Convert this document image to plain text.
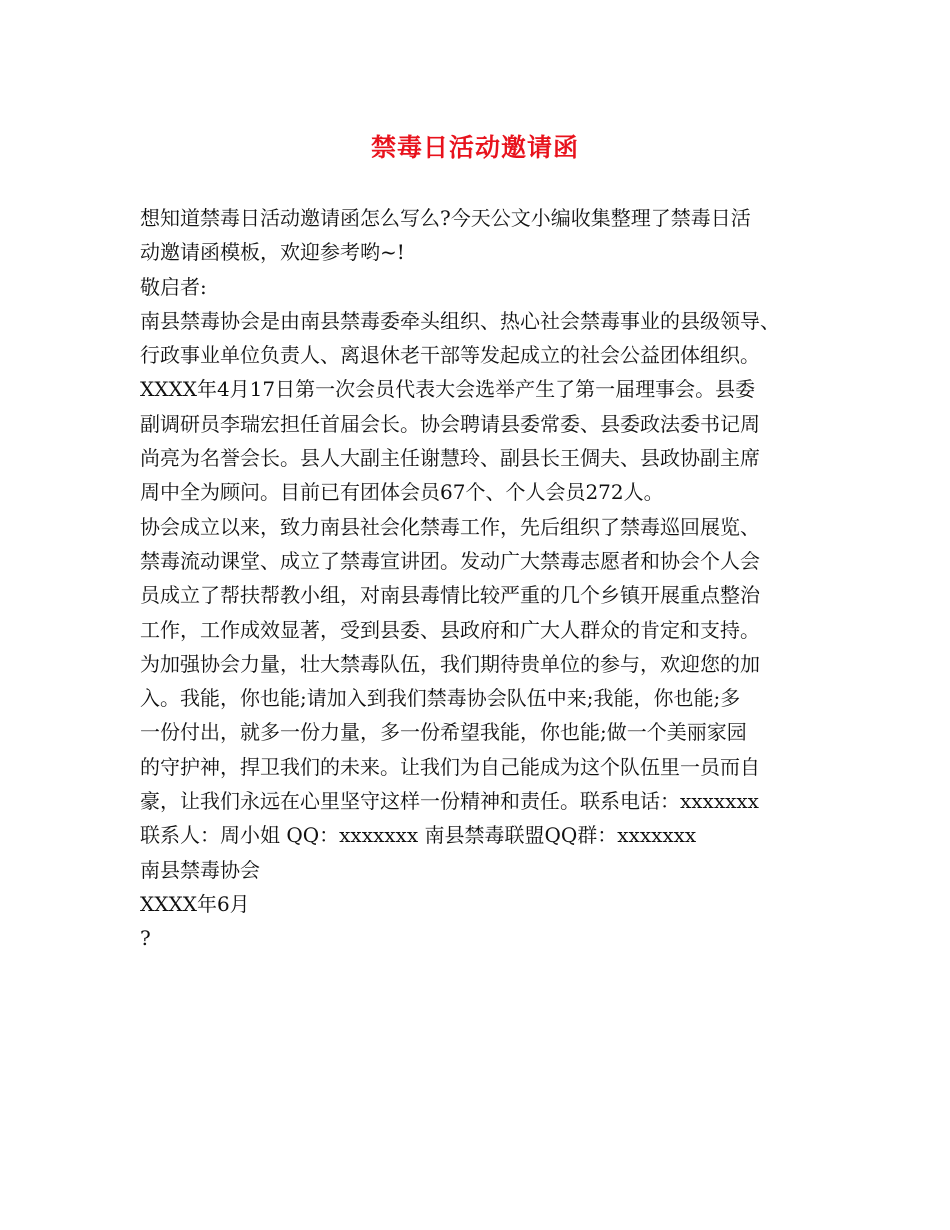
禁毒日活动邀请函
想知道禁毒日活动邀请函怎么写么?今天公文小编收集整理了禁毒日活
动邀请函模板，欢迎参考哟~!
敬启者:
南县禁毒协会是由南县禁毒委牵头组织、热心社会禁毒事业的县级领导、
行政事业单位负责人、离退休老干部等发起成立的社会公益团体组织。
XXXX年4月17日第一次会员代表大会选举产生了第一届理事会。县委
副调研员李瑞宏担任首届会长。协会聘请县委常委、县委政法委书记周
尚亮为名誉会长。县人大副主任谢慧玲、副县长王倜夫、县政协副主席
周中全为顾问。目前已有团体会员67个、个人会员272人。
协会成立以来，致力南县社会化禁毒工作，先后组织了禁毒巡回展览、
禁毒流动课堂、成立了禁毒宣讲团。发动广大禁毒志愿者和协会个人会
员成立了帮扶帮教小组，对南县毒情比较严重的几个乡镇开展重点整治
工作，工作成效显著，受到县委、县政府和广大人群众的肯定和支持。
为加强协会力量，壮大禁毒队伍，我们期待贵单位的参与，欢迎您的加
入。我能，你也能;请加入到我们禁毒协会队伍中来;我能，你也能;多
一份付出，就多一份力量，多一份希望我能，你也能;做一个美丽家园
的守护神，捍卫我们的未来。让我们为自己能成为这个队伍里一员而自
豪，让我们永远在心里坚守这样一份精神和责任。联系电话：xxxxxxx
联系人：周小姐 QQ：xxxxxxx 南县禁毒联盟QQ群：xxxxxxx
南县禁毒协会
XXXX年6月
?
